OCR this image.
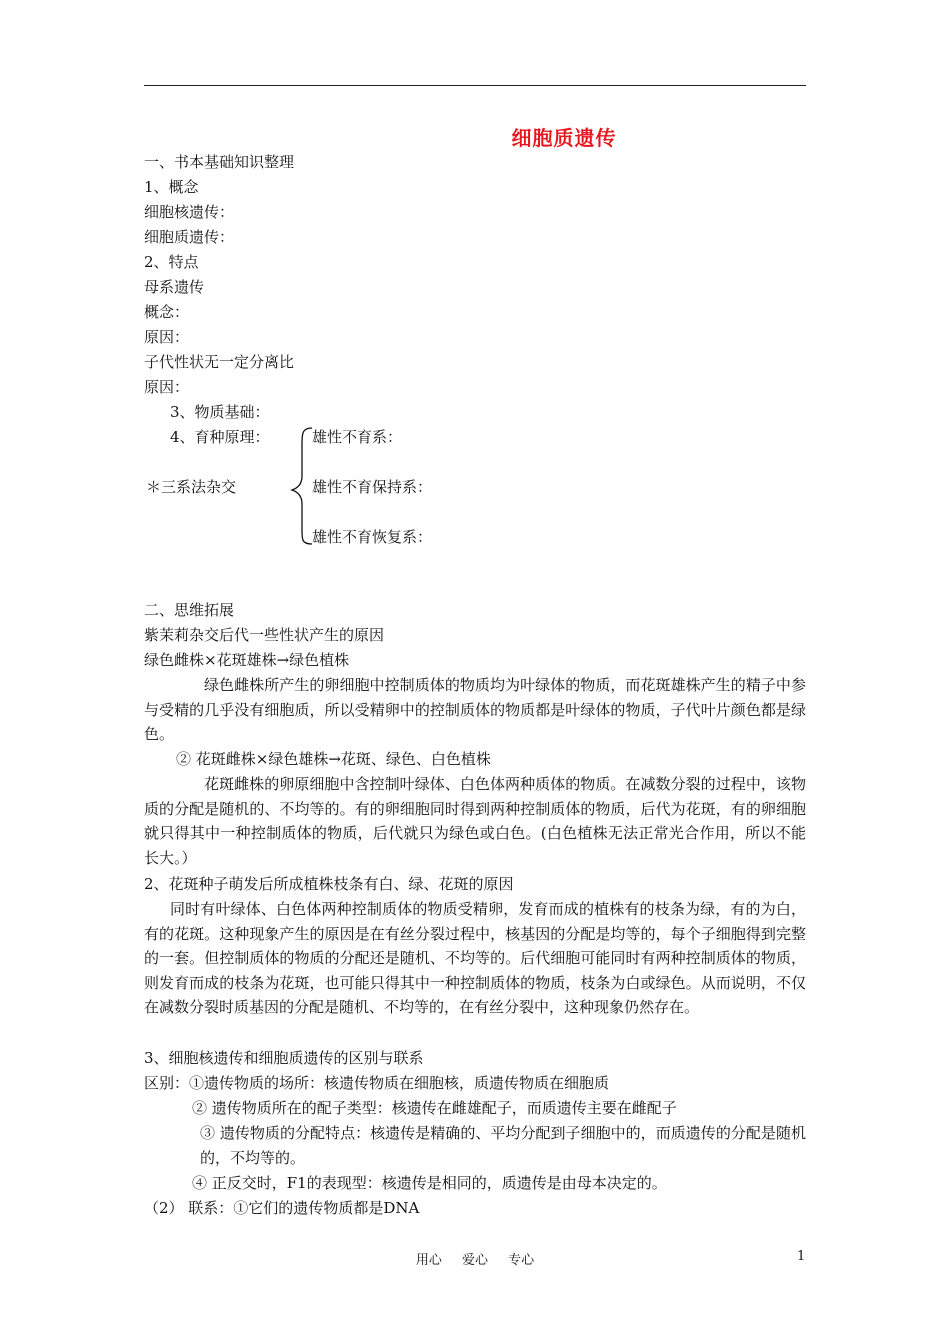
细胞质遗传
一、书本基础知识整理
1、概念
细胞核遗传：
细胞质遗传：
2、特点
母系遗传
概念：
原因：
子代性状无一定分离比
原因：
3、物质基础：
4、育种原理：	雄性不育系：
＊三系法杂交	雄性不育保持系：
雄性不育恢复系：
二、思维拓展
紫茉莉杂交后代一些性状产生的原因
绿色雌株×花斑雄株→绿色植株
绿色雌株所产生的卵细胞中控制质体的物质均为叶绿体的物质，而花斑雄株产生的精子中参与受精的几乎没有细胞质，所以受精卵中的控制质体的物质都是叶绿体的物质，子代叶片颜色都是绿色。
② 花斑雌株×绿色雄株→花斑、绿色、白色植株
花斑雌株的卵原细胞中含控制叶绿体、白色体两种质体的物质。在减数分裂的过程中，该物质的分配是随机的、不均等的。有的卵细胞同时得到两种控制质体的物质，后代为花斑，有的卵细胞就只得其中一种控制质体的物质，后代就只为绿色或白色。(白色植株无法正常光合作用，所以不能长大。）
2、花斑种子萌发后所成植株枝条有白、绿、花斑的原因
同时有叶绿体、白色体两种控制质体的物质受精卵，发育而成的植株有的枝条为绿，有的为白，有的花斑。这种现象产生的原因是在有丝分裂过程中，核基因的分配是均等的，每个子细胞得到完整的一套。但控制质体的物质的分配还是随机、不均等的。后代细胞可能同时有两种控制质体的物质，则发育而成的枝条为花斑，也可能只得其中一种控制质体的物质，枝条为白或绿色。从而说明，不仅在减数分裂时质基因的分配是随机、不均等的，在有丝分裂中，这种现象仍然存在。
3、细胞核遗传和细胞质遗传的区别与联系
区别：①遗传物质的场所：核遗传物质在细胞核，质遗传物质在细胞质
② 遗传物质所在的配子类型：核遗传在雌雄配子，而质遗传主要在雌配子
③ 遗传物质的分配特点：核遗传是精确的、平均分配到子细胞中的，而质遗传的分配是随机的，不均等的。
④ 正反交时，F1的表现型：核遗传是相同的，质遗传是由母本决定的。
（2） 联系：①它们的遗传物质都是DNA
用心 爱心 专心	1
